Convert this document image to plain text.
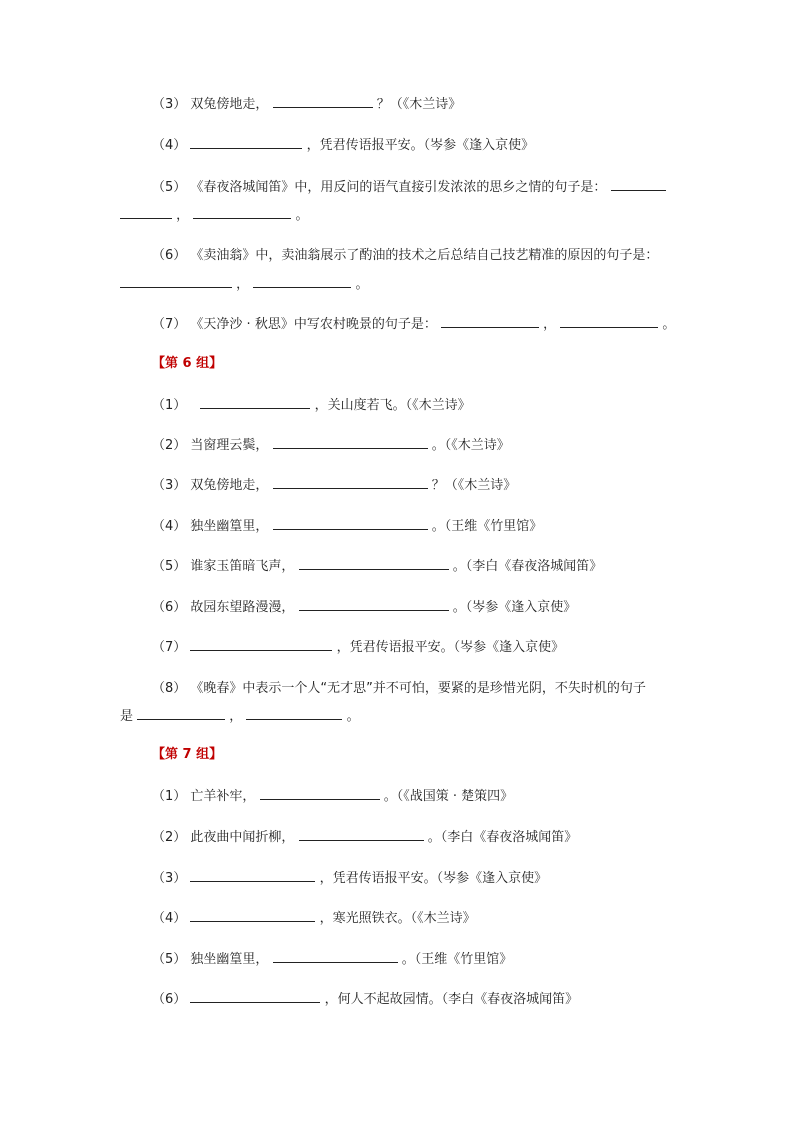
（3） 双兔傍地走，	？（《木兰诗》
（4）	，凭君传语报平安。（岑参《逢入京使》
（5） 《春夜洛城闻笛》中，用反问的语气直接引发浓浓的思乡之情的句子是：
，	。
（6） 《卖油翁》中，卖油翁展示了酌油的技术之后总结自己技艺精准的原因的句子是：
，	。
（7） 《天净沙 · 秋思》中写农村晚景的句子是：	，	。
【第 6 组】
（1）	，关山度若飞。（《木兰诗》
（2） 当窗理云鬓，	。（《木兰诗》
（3） 双兔傍地走，	？（《木兰诗》
（4） 独坐幽篁里，	。（王维《竹里馆》
（5） 谁家玉笛暗飞声，	。（李白《春夜洛城闻笛》
（6） 故园东望路漫漫，	。（岑参《逢入京使》
（7）	，凭君传语报平安。（岑参《逢入京使》
（8） 《晚春》中表示一个人“无才思”并不可怕，要紧的是珍惜光阴，不失时机的句子
是	，	。
【第 7 组】
（1） 亡羊补牢，	。（《战国策 · 楚策四》
（2） 此夜曲中闻折柳，	。（李白《春夜洛城闻笛》
（3）	，凭君传语报平安。（岑参《逢入京使》
（4）	，寒光照铁衣。（《木兰诗》
（5） 独坐幽篁里，	。（王维《竹里馆》
（6）	，何人不起故园情。（李白《春夜洛城闻笛》
